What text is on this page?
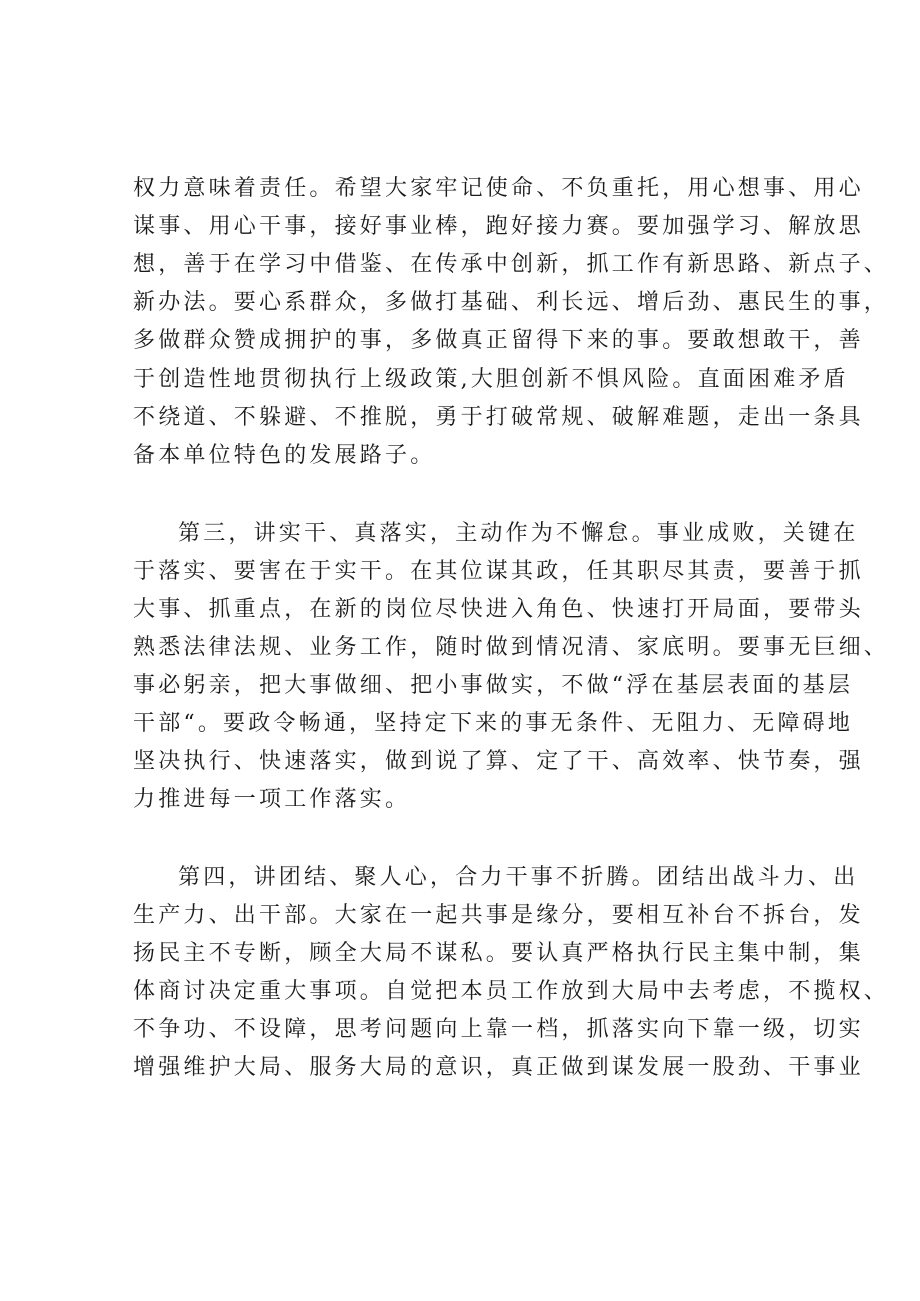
权力意味着责任。希望大家牢记使命、不负重托，用心想事、用心
谋事、用心干事，接好事业棒，跑好接力赛。要加强学习、解放思
想，善于在学习中借鉴、在传承中创新，抓工作有新思路、新点子、
新办法。要心系群众，多做打基础、利长远、增后劲、惠民生的事，
多做群众赞成拥护的事，多做真正留得下来的事。要敢想敢干，善
于创造性地贯彻执行上级政策,大胆创新不惧风险。直面困难矛盾
不绕道、不躲避、不推脱，勇于打破常规、破解难题，走出一条具
备本单位特色的发展路子。
第三，讲实干、真落实，主动作为不懈怠。事业成败，关键在
于落实、要害在于实干。在其位谋其政，任其职尽其责，要善于抓
大事、抓重点，在新的岗位尽快进入角色、快速打开局面，要带头
熟悉法律法规、业务工作，随时做到情况清、家底明。要事无巨细、
事必躬亲，把大事做细、把小事做实，不做“浮在基层表面的基层
干部“。要政令畅通，坚持定下来的事无条件、无阻力、无障碍地
坚决执行、快速落实，做到说了算、定了干、高效率、快节奏，强
力推进每一项工作落实。
第四，讲团结、聚人心，合力干事不折腾。团结出战斗力、出
生产力、出干部。大家在一起共事是缘分，要相互补台不拆台，发
扬民主不专断，顾全大局不谋私。要认真严格执行民主集中制，集
体商讨决定重大事项。自觉把本员工作放到大局中去考虑，不揽权、
不争功、不设障，思考问题向上靠一档，抓落实向下靠一级，切实
增强维护大局、服务大局的意识，真正做到谋发展一股劲、干事业
